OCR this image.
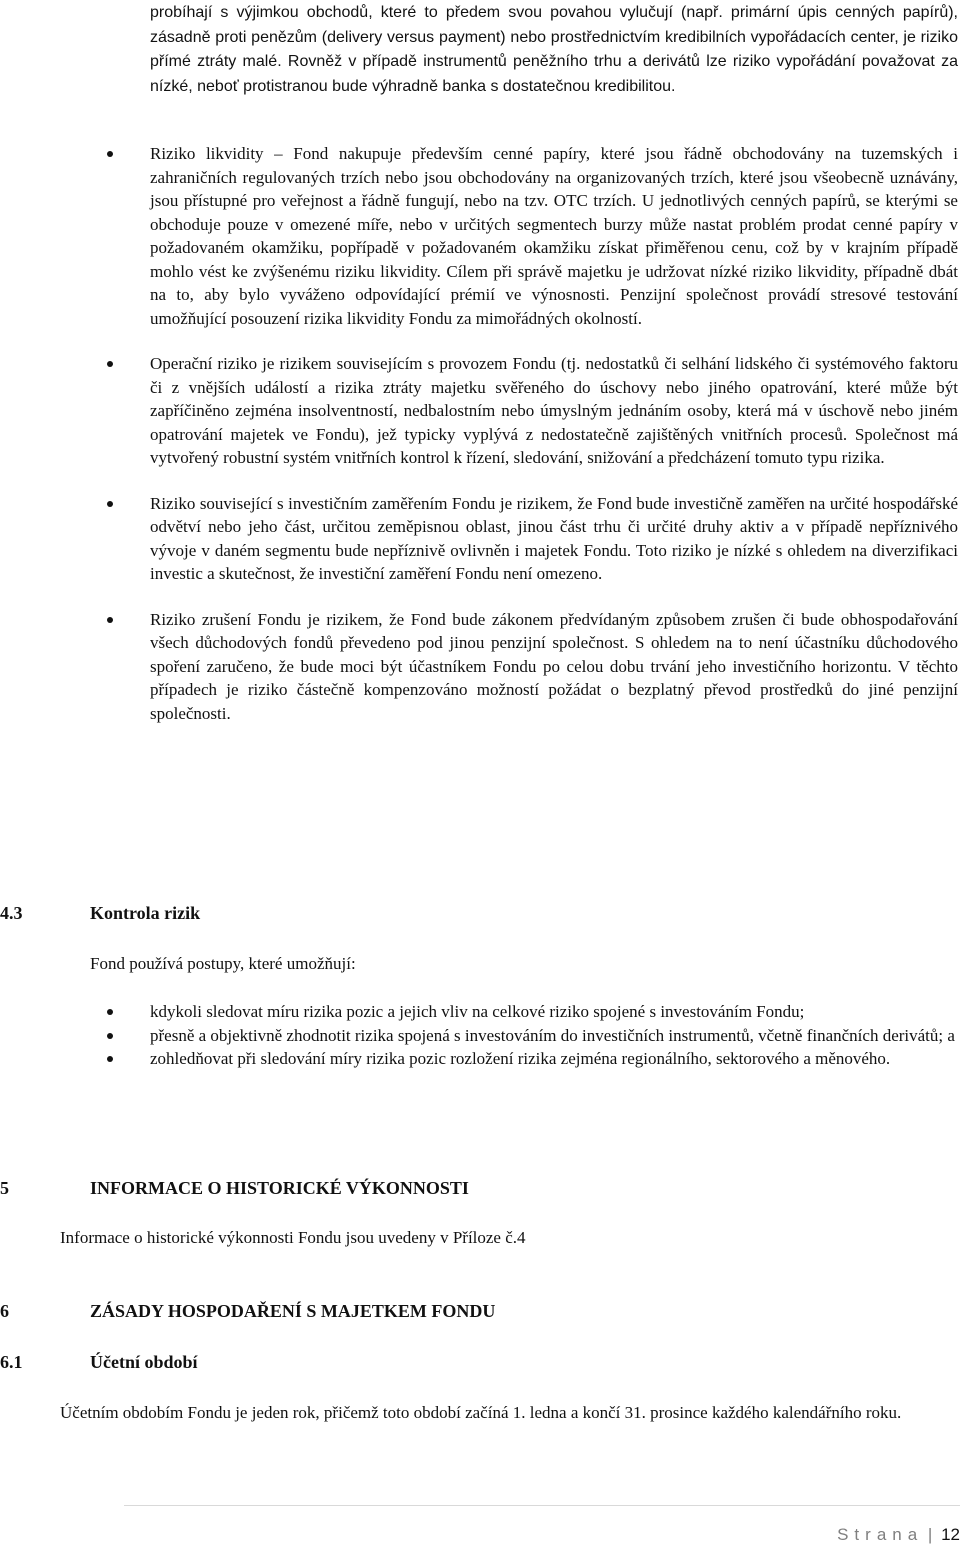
probíhají s výjimkou obchodů, které to předem svou povahou vylučují (např. primární úpis cenných papírů), zásadně proti penězům (delivery versus payment) nebo prostřednictvím kredibilních vypořádacích center, je riziko přímé ztráty malé. Rovněž v případě instrumentů peněžního trhu a derivátů lze riziko vypořádání považovat za nízké, neboť protistranou bude výhradně banka s dostatečnou kredibilitou.

Riziko likvidity – Fond nakupuje především cenné papíry, které jsou řádně obchodovány na tuzemských i zahraničních regulovaných trzích nebo jsou obchodovány na organizovaných trzích, které jsou všeobecně uznávány, jsou přístupné pro veřejnost a řádně fungují, nebo na tzv. OTC trzích. U jednotlivých cenných papírů, se kterými se obchoduje pouze v omezené míře, nebo v určitých segmentech burzy může nastat problém prodat cenné papíry v požadovaném okamžiku, popřípadě v požadovaném okamžiku získat přiměřenou cenu, což by v krajním případě mohlo vést ke zvýšenému riziku likvidity. Cílem při správě majetku je udržovat nízké riziko likvidity, případně dbát na to, aby bylo vyváženo odpovídající prémií ve výnosnosti. Penzijní společnost provádí stresové testování umožňující posouzení rizika likvidity Fondu za mimořádných okolností.
Operační riziko je rizikem souvisejícím s provozem Fondu (tj. nedostatků či selhání lidského či systémového faktoru či z vnějších událostí a rizika ztráty majetku svěřeného do úschovy nebo jiného opatrování, které může být zapříčiněno zejména insolventností, nedbalostním nebo úmyslným jednáním osoby, která má v úschově nebo jiném opatrování majetek ve Fondu), jež typicky vyplývá z nedostatečně zajištěných vnitřních procesů. Společnost má vytvořený robustní systém vnitřních kontrol k řízení, sledování, snižování a předcházení tomuto typu rizika.
Riziko související s investičním zaměřením Fondu je rizikem, že Fond bude investičně zaměřen na určité hospodářské odvětví nebo jeho část, určitou zeměpisnou oblast, jinou část trhu či určité druhy aktiv a v případě nepříznivého vývoje v daném segmentu bude nepříznivě ovlivněn i majetek Fondu. Toto riziko je nízké s ohledem na diverzifikaci investic a skutečnost, že investiční zaměření Fondu není omezeno.
Riziko zrušení Fondu je rizikem, že Fond bude zákonem předvídaným způsobem zrušen či bude obhospodařování všech důchodových fondů převedeno pod jinou penzijní společnost. S ohledem na to není účastníku důchodového spoření zaručeno, že bude moci být účastníkem Fondu po celou dobu trvání jeho investičního horizontu. V těchto případech je riziko částečně kompenzováno možností požádat o bezplatný převod prostředků do jiné penzijní společnosti.
4.3	Kontrola rizik
Fond používá postupy, které umožňují:
kdykoli sledovat míru rizika pozic a jejich vliv na celkové riziko spojené s investováním Fondu;
přesně a objektivně zhodnotit rizika spojená s investováním do investičních instrumentů, včetně finančních derivátů; a
zohledňovat při sledování míry rizika pozic rozložení rizika zejména regionálního, sektorového a měnového.
5	INFORMACE O HISTORICKÉ VÝKONNOSTI
Informace o historické výkonnosti Fondu jsou uvedeny v Příloze č.4
6	ZÁSADY HOSPODAŘENÍ S MAJETKEM FONDU
6.1	Účetní období
Účetním obdobím Fondu je jeden rok, přičemž toto období začíná 1. ledna a končí 31. prosince každého kalendářního roku.
Strana | 12
